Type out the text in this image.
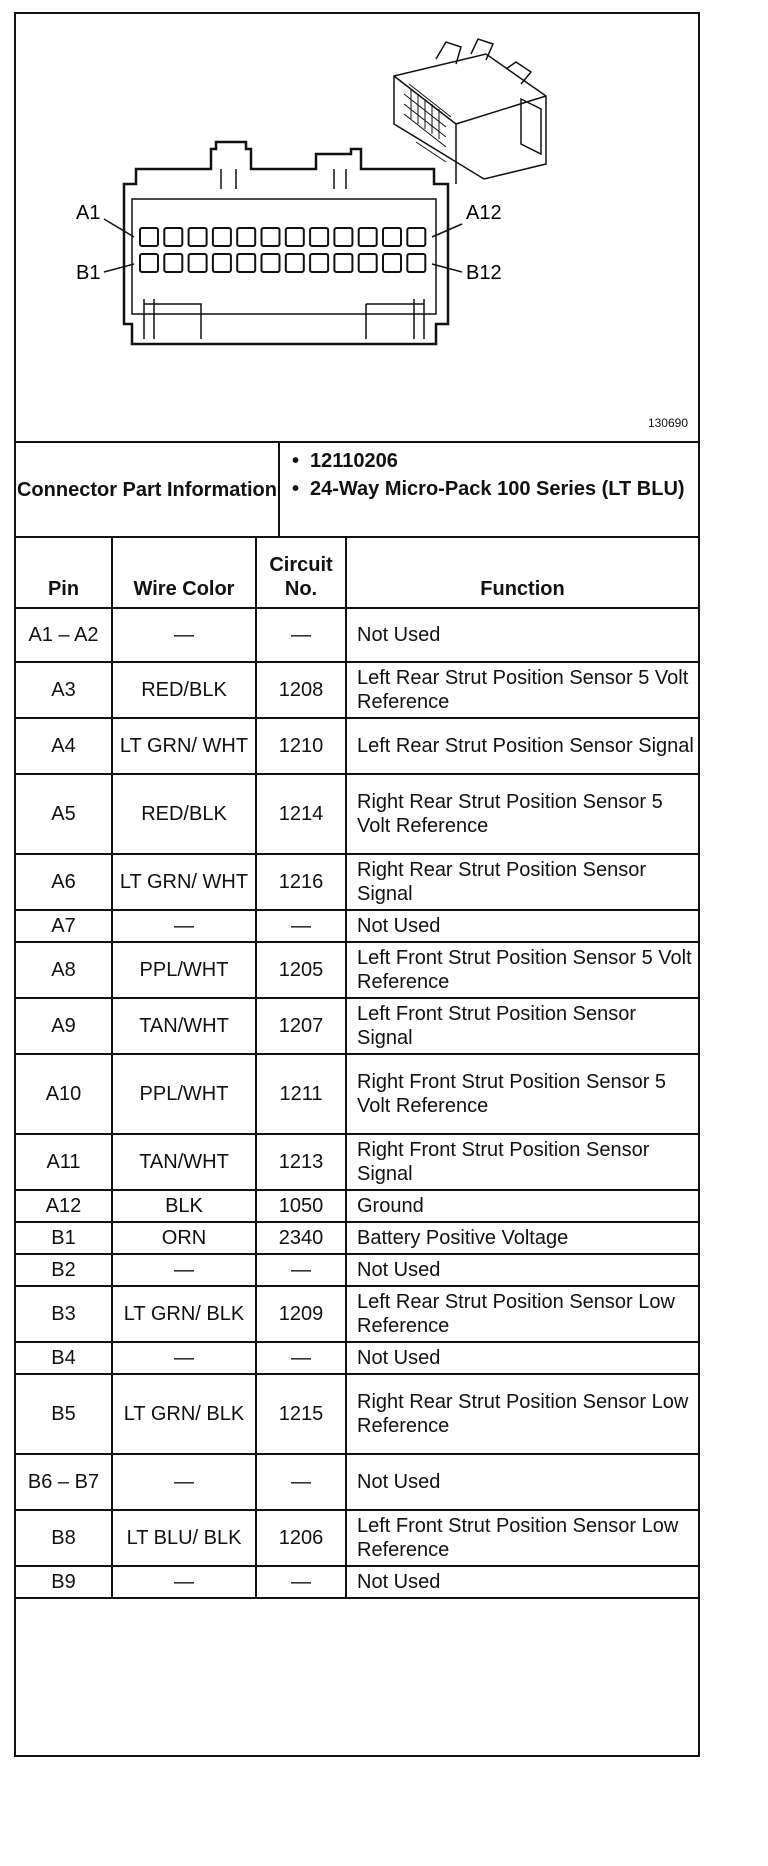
A1
B1
A12
B12
130690
Connector Part Information
• 12110206
• 24-Way Micro-Pack 100 Series (LT BLU)
Pin	Wire Color	Circuit No.	Function
A1 – A2	—	—	Not Used
A3	RED/BLK	1208	Left Rear Strut Position Sensor 5 Volt Reference
A4	LT GRN/ WHT	1210	Left Rear Strut Position Sensor Signal
A5	RED/BLK	1214	Right Rear Strut Position Sensor 5 Volt Reference
A6	LT GRN/ WHT	1216	Right Rear Strut Position Sensor Signal
A7	—	—	Not Used
A8	PPL/WHT	1205	Left Front Strut Position Sensor 5 Volt Reference
A9	TAN/WHT	1207	Left Front Strut Position Sensor Signal
A10	PPL/WHT	1211	Right Front Strut Position Sensor 5 Volt Reference
A11	TAN/WHT	1213	Right Front Strut Position Sensor Signal
A12	BLK	1050	Ground
B1	ORN	2340	Battery Positive Voltage
B2	—	—	Not Used
B3	LT GRN/ BLK	1209	Left Rear Strut Position Sensor Low Reference
B4	—	—	Not Used
B5	LT GRN/ BLK	1215	Right Rear Strut Position Sensor Low Reference
B6 – B7	—	—	Not Used
B8	LT BLU/ BLK	1206	Left Front Strut Position Sensor Low Reference
B9	—	—	Not Used
